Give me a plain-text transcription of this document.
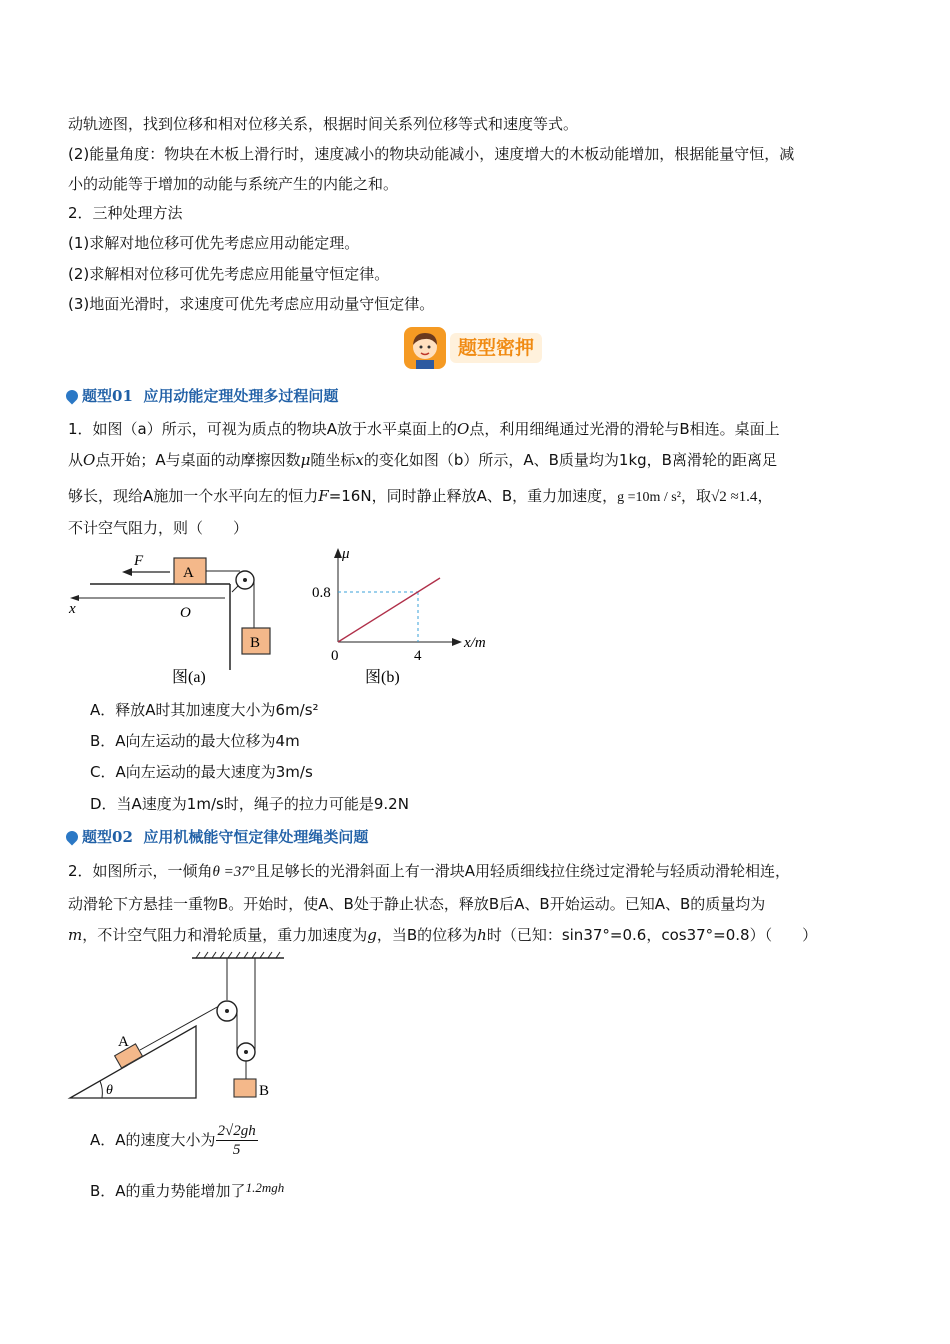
动轨迹图，找到位移和相对位移关系，根据时间关系列位移等式和速度等式。
(2)能量角度：物块在木板上滑行时，速度减小的物块动能减小，速度增大的木板动能增加，根据能量守恒，减
小的动能等于增加的动能与系统产生的内能之和。
2．三种处理方法
(1)求解对地位移可优先考虑应用动能定理。
(2)求解相对位移可优先考虑应用能量守恒定律。
(3)地面光滑时，求速度可优先考虑应用动量守恒定律。
题型密押
题型01 应用动能定理处理多过程问题
1．如图（a）所示，可视为质点的物块A放于水平桌面上的O点，利用细绳通过光滑的滑轮与B相连。桌面上
从O点开始；A与桌面的动摩擦因数μ随坐标x的变化如图（b）所示，A、B质量均为1kg，B离滑轮的距离足
够长，现给A施加一个水平向左的恒力F=16N，同时静止释放A、B，重力加速度，g =10m / s²，取√2 ≈1.4，
不计空气阻力，则（　　）
F
A
B
x	O
图(a)
μ
x/m
0.8
4
0
图(b)
A．释放A时其加速度大小为6m/s²
B．A向左运动的最大位移为4m
C．A向左运动的最大速度为3m/s
D．当A速度为1m/s时，绳子的拉力可能是9.2N
题型02 应用机械能守恒定律处理绳类问题
2．如图所示，一倾角θ =37°且足够长的光滑斜面上有一滑块A用轻质细线拉住绕过定滑轮与轻质动滑轮相连，
动滑轮下方悬挂一重物B。开始时，使A、B处于静止状态，释放B后A、B开始运动。已知A、B的质量均为
m，不计空气阻力和滑轮质量，重力加速度为g，当B的位移为h时（已知：sin37°=0.6，cos37°=0.8）（　　）
θ
A
B
A．A的速度大小为 $\frac{2√2gh}{5}$
B．A的重力势能增加了1.2mgh
